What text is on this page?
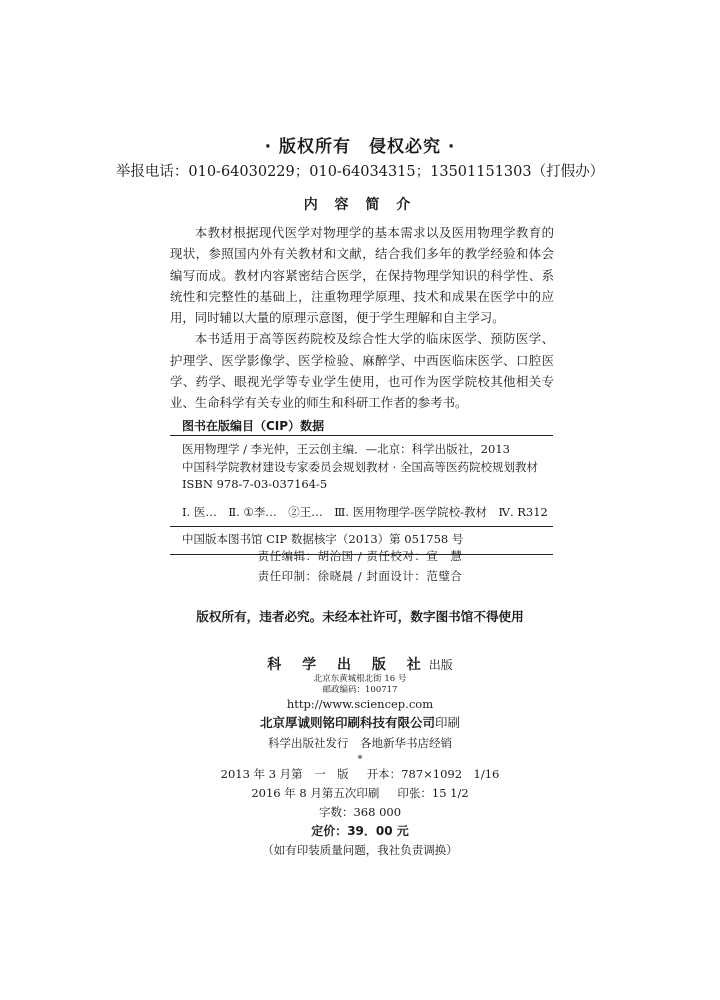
· 版权所有　侵权必究 ·
举报电话：010-64030229；010-64034315；13501151303（打假办）
内 容 简 介

本教材根据现代医学对物理学的基本需求以及医用物理学教育的现状，参照国内外有关教材和文献，结合我们多年的教学经验和体会编写而成。教材内容紧密结合医学，在保持物理学知识的科学性、系统性和完整性的基础上，注重物理学原理、技术和成果在医学中的应用，同时辅以大量的原理示意图，便于学生理解和自主学习。

本书适用于高等医药院校及综合性大学的临床医学、预防医学、护理学、医学影像学、医学检验、麻醉学、中西医临床医学、口腔医学、药学、眼视光学等专业学生使用，也可作为医学院校其他相关专业、生命科学有关专业的师生和科研工作者的参考书。

图书在版编目（CIP）数据
医用物理学 / 李光仲，王云创主编．—北京：科学出版社，2013
中国科学院教材建设专家委员会规划教材 · 全国高等医药院校规划教材
ISBN 978-7-03-037164-5
Ⅰ. 医…　Ⅱ. ①李…　②王…　Ⅲ. 医用物理学-医学院校-教材　Ⅳ. R312
中国版本图书馆 CIP 数据核字（2013）第 051758 号
责任编辑：胡治国 / 责任校对：宣　慧
责任印制：徐晓晨 / 封面设计：范璧合
版权所有，违者必究。未经本社许可，数字图书馆不得使用
科 学 出 版 社出版
北京东黄城根北街 16 号
邮政编码：100717
http://www.sciencep.com
北京厚诚则铭印刷科技有限公司印刷
科学出版社发行　各地新华书店经销
*
2013 年 3 月第　一　版 开本：787×1092　1/16
2016 年 8 月第五次印刷 印张：15 1/2
字数：368 000
定价：39．00 元
（如有印装质量问题，我社负责调换）
